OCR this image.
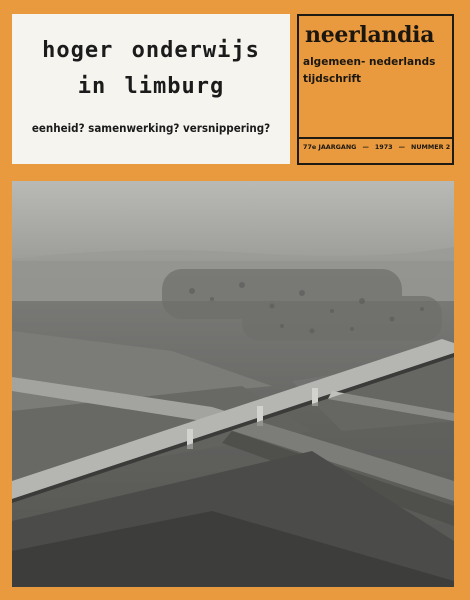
hoger onderwijs
in limburg
eenheid? samenwerking? versnippering?
neerlandia
algemeen- nederlands
tijdschrift
77e JAARGANG — 1973 — NUMMER 2
